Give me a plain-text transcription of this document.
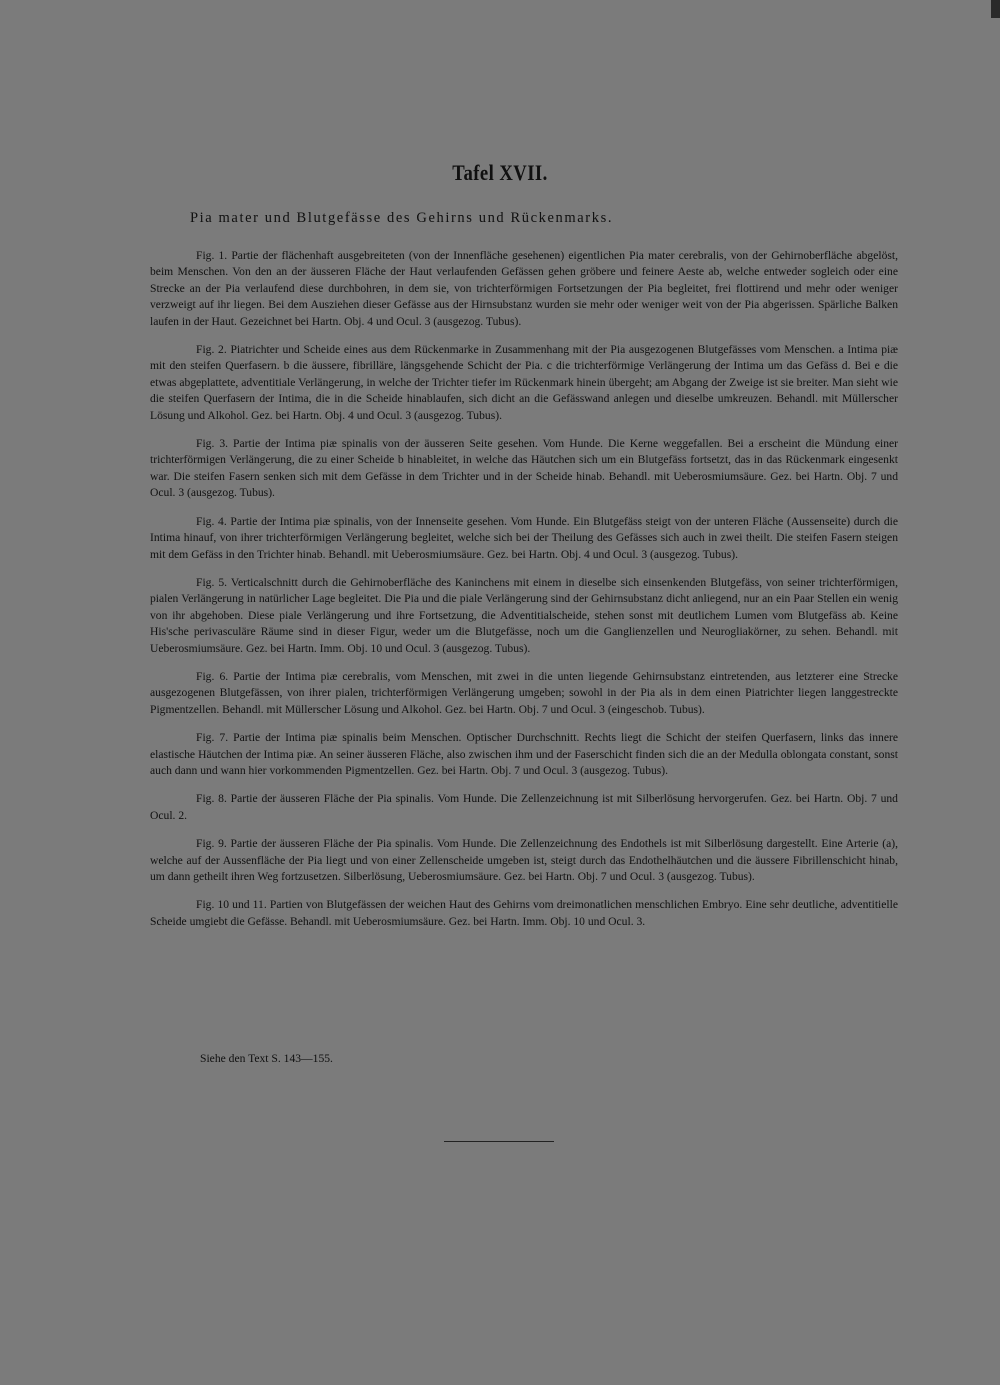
Tafel XVII.
Pia mater und Blutgefässe des Gehirns und Rückenmarks.

Fig. 1. Partie der flächenhaft ausgebreiteten (von der Innenfläche gesehenen) eigentlichen Pia mater cerebralis, von der Gehirnoberfläche abgelöst, beim Menschen. Von den an der äusseren Fläche der Haut verlaufenden Gefässen gehen gröbere und feinere Aeste ab, welche entweder sogleich oder eine Strecke an der Pia verlaufend diese durchbohren, in dem sie, von trichterförmigen Fortsetzungen der Pia begleitet, frei flottirend und mehr oder weniger verzweigt auf ihr liegen. Bei dem Ausziehen dieser Gefässe aus der Hirnsubstanz wurden sie mehr oder weniger weit von der Pia abgerissen. Spärliche Balken laufen in der Haut. Gezeichnet bei Hartn. Obj. 4 und Ocul. 3 (ausgezog. Tubus).

Fig. 2. Piatrichter und Scheide eines aus dem Rückenmarke in Zusammenhang mit der Pia ausgezogenen Blutgefässes vom Menschen. a Intima piæ mit den steifen Querfasern. b die äussere, fibrilläre, längsgehende Schicht der Pia. c die trichterförmige Verlängerung der Intima um das Gefäss d. Bei e die etwas abgeplattete, adventitiale Verlängerung, in welche der Trichter tiefer im Rückenmark hinein übergeht; am Abgang der Zweige ist sie breiter. Man sieht wie die steifen Querfasern der Intima, die in die Scheide hinablaufen, sich dicht an die Gefässwand anlegen und dieselbe umkreuzen. Behandl. mit Müllerscher Lösung und Alkohol. Gez. bei Hartn. Obj. 4 und Ocul. 3 (ausgezog. Tubus).

Fig. 3. Partie der Intima piæ spinalis von der äusseren Seite gesehen. Vom Hunde. Die Kerne weggefallen. Bei a erscheint die Mündung einer trichterförmigen Verlängerung, die zu einer Scheide b hinableitet, in welche das Häutchen sich um ein Blutgefäss fortsetzt, das in das Rückenmark eingesenkt war. Die steifen Fasern senken sich mit dem Gefässe in dem Trichter und in der Scheide hinab. Behandl. mit Ueberosmiumsäure. Gez. bei Hartn. Obj. 7 und Ocul. 3 (ausgezog. Tubus).

Fig. 4. Partie der Intima piæ spinalis, von der Innenseite gesehen. Vom Hunde. Ein Blutgefäss steigt von der unteren Fläche (Aussenseite) durch die Intima hinauf, von ihrer trichterförmigen Verlängerung begleitet, welche sich bei der Theilung des Gefässes sich auch in zwei theilt. Die steifen Fasern steigen mit dem Gefäss in den Trichter hinab. Behandl. mit Ueberosmiumsäure. Gez. bei Hartn. Obj. 4 und Ocul. 3 (ausgezog. Tubus).

Fig. 5. Verticalschnitt durch die Gehirnoberfläche des Kaninchens mit einem in dieselbe sich einsenkenden Blutgefäss, von seiner trichterförmigen, pialen Verlängerung in natürlicher Lage begleitet. Die Pia und die piale Verlängerung sind der Gehirnsubstanz dicht anliegend, nur an ein Paar Stellen ein wenig von ihr abgehoben. Diese piale Verlängerung und ihre Fortsetzung, die Adventitialscheide, stehen sonst mit deutlichem Lumen vom Blutgefäss ab. Keine His'sche perivasculäre Räume sind in dieser Figur, weder um die Blutgefässe, noch um die Ganglienzellen und Neurogliakörner, zu sehen. Behandl. mit Ueberosmiumsäure. Gez. bei Hartn. Imm. Obj. 10 und Ocul. 3 (ausgezog. Tubus).

Fig. 6. Partie der Intima piæ cerebralis, vom Menschen, mit zwei in die unten liegende Gehirnsubstanz eintretenden, aus letzterer eine Strecke ausgezogenen Blutgefässen, von ihrer pialen, trichterförmigen Verlängerung umgeben; sowohl in der Pia als in dem einen Piatrichter liegen langgestreckte Pigmentzellen. Behandl. mit Müllerscher Lösung und Alkohol. Gez. bei Hartn. Obj. 7 und Ocul. 3 (eingeschob. Tubus).

Fig. 7. Partie der Intima piæ spinalis beim Menschen. Optischer Durchschnitt. Rechts liegt die Schicht der steifen Querfasern, links das innere elastische Häutchen der Intima piæ. An seiner äusseren Fläche, also zwischen ihm und der Faserschicht finden sich die an der Medulla oblongata constant, sonst auch dann und wann hier vorkommenden Pigmentzellen. Gez. bei Hartn. Obj. 7 und Ocul. 3 (ausgezog. Tubus).

Fig. 8. Partie der äusseren Fläche der Pia spinalis. Vom Hunde. Die Zellenzeichnung ist mit Silberlösung hervorgerufen. Gez. bei Hartn. Obj. 7 und Ocul. 2.

Fig. 9. Partie der äusseren Fläche der Pia spinalis. Vom Hunde. Die Zellenzeichnung des Endothels ist mit Silberlösung dargestellt. Eine Arterie (a), welche auf der Aussenfläche der Pia liegt und von einer Zellenscheide umgeben ist, steigt durch das Endothelhäutchen und die äussere Fibrillenschicht hinab, um dann getheilt ihren Weg fortzusetzen. Silberlösung, Ueberosmiumsäure. Gez. bei Hartn. Obj. 7 und Ocul. 3 (ausgezog. Tubus).

Fig. 10 und 11. Partien von Blutgefässen der weichen Haut des Gehirns vom dreimonatlichen menschlichen Embryo. Eine sehr deutliche, adventitielle Scheide umgiebt die Gefässe. Behandl. mit Ueberosmiumsäure. Gez. bei Hartn. Imm. Obj. 10 und Ocul. 3.

Siehe den Text S. 143—155.
